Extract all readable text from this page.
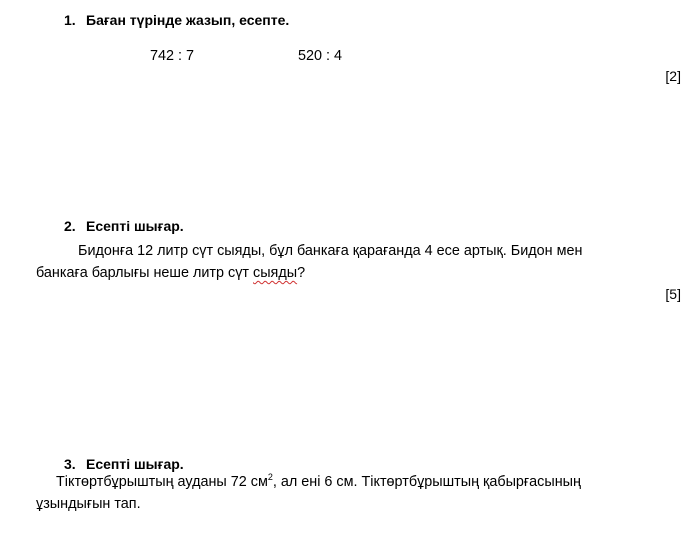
1. Баған түрінде жазып, есепте.
742 : 7	520 : 4
[2]
2. Есепті шығар.
Бидонға 12 литр сүт сыяды, бұл банкаға қарағанда 4 есе артық. Бидон мен
банкаға барлығы неше литр сүт сыяды?
[5]
3. Есепті шығар.
Тіктөртбұрыштың ауданы 72 $см^2$, ал ені 6 см. Тіктөртбұрыштың қабырғасының
ұзындығын тап.
